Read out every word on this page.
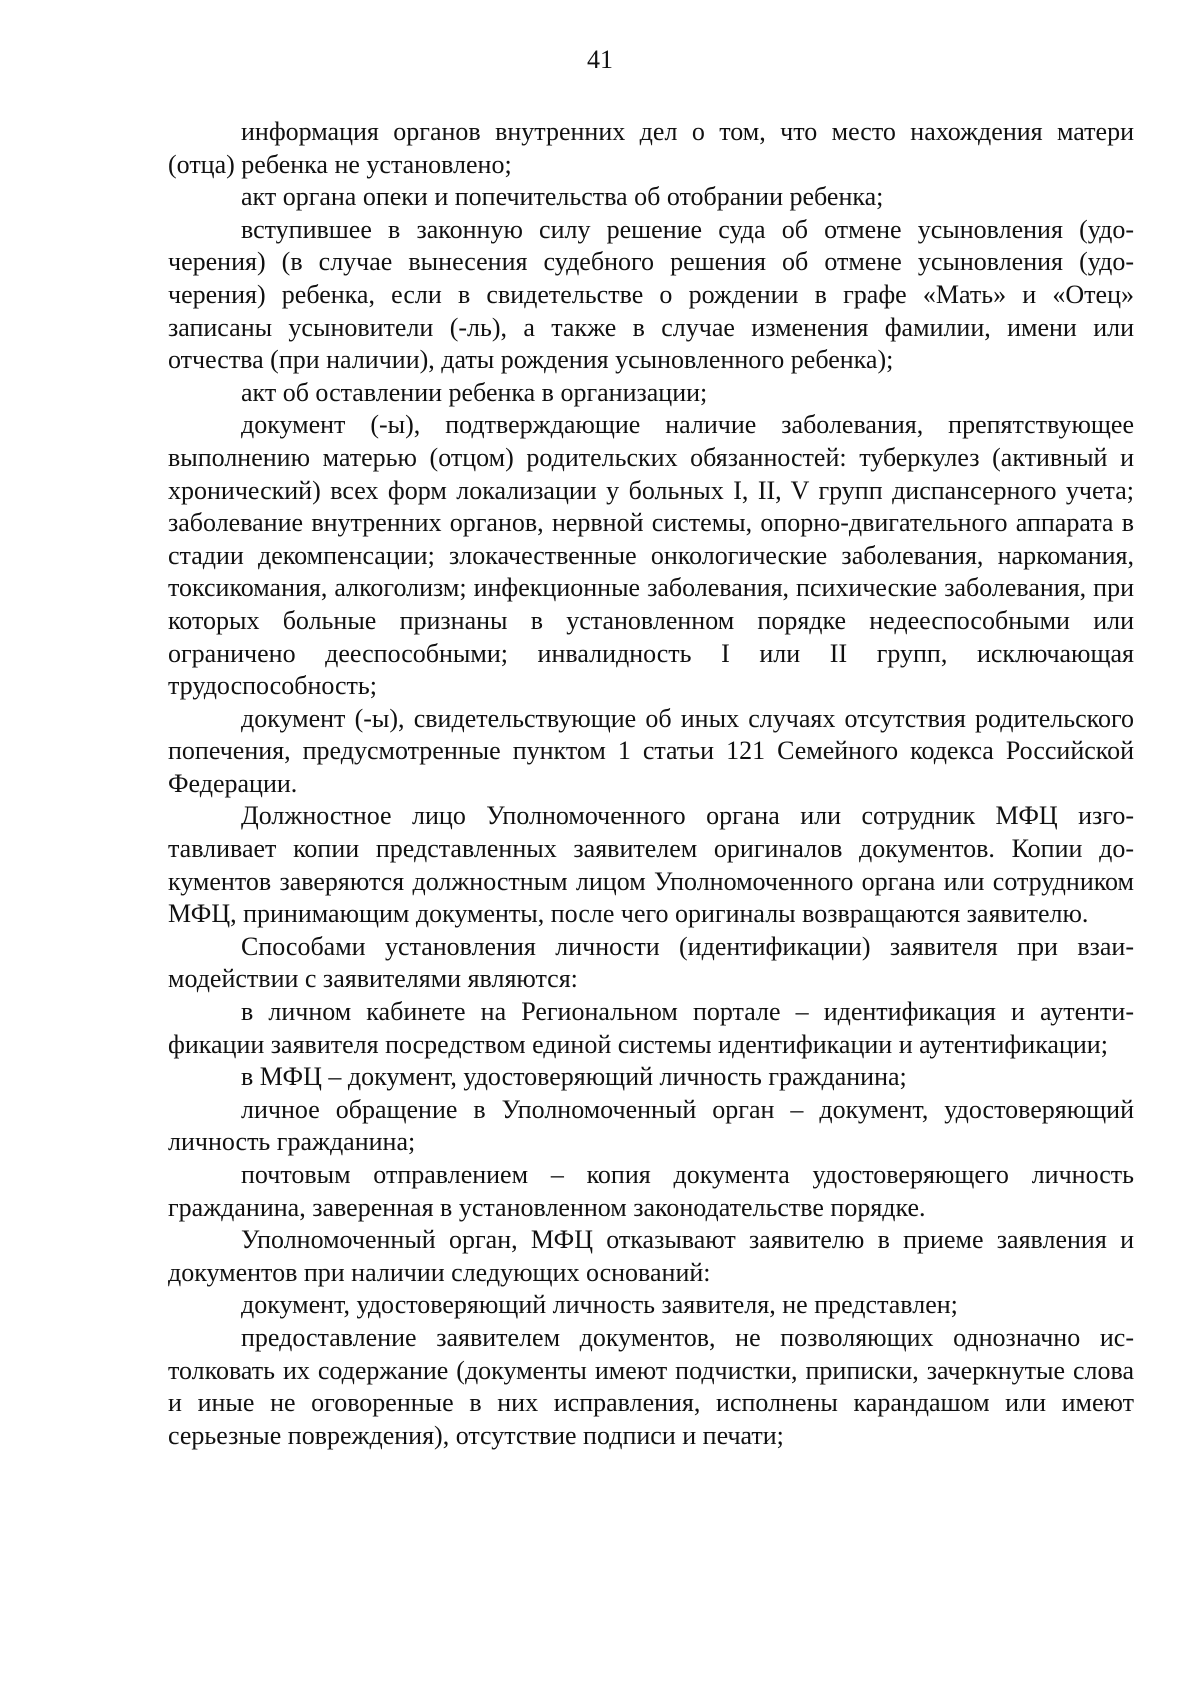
41

информация органов внутренних дел о том, что место нахождения матери (отца) ребенка не установлено;

акт органа опеки и попечительства об отобрании ребенка;

вступившее в законную силу решение суда об отмене усыновления (удочерения) (в случае вынесения судебного решения об отмене усыновления (удочерения) ребенка, если в свидетельстве о рождении в графе «Мать» и «Отец» записаны усыновители (-ль), а также в случае изменения фамилии, имени или отчества (при наличии), даты рождения усыновленного ребенка);

акт об оставлении ребенка в организации;

документ (-ы), подтверждающие наличие заболевания, препятствующее выполнению матерью (отцом) родительских обязанностей: туберкулез (активный и хронический) всех форм локализации у больных I, II, V групп диспансерного учета; заболевание внутренних органов, нервной системы, опорно-двигательного аппарата в стадии декомпенсации; злокачественные онкологические заболевания, наркомания, токсикомания, алкоголизм; инфекционные заболевания, психические заболевания, при которых больные признаны в установленном порядке недееспособными или ограничено дееспособными; инвалидность I или II групп, исключающая трудоспособность;

документ (-ы), свидетельствующие об иных случаях отсутствия родительского попечения, предусмотренные пунктом 1 статьи 121 Семейного кодекса Российской Федерации.

Должностное лицо Уполномоченного органа или сотрудник МФЦ изготавливает копии представленных заявителем оригиналов документов. Копии документов заверяются должностным лицом Уполномоченного органа или сотрудником МФЦ, принимающим документы, после чего оригиналы возвращаются заявителю.

Способами установления личности (идентификации) заявителя при взаимодействии с заявителями являются:

в личном кабинете на Региональном портале – идентификация и аутентификации заявителя посредством единой системы идентификации и аутентификации;

в МФЦ – документ, удостоверяющий личность гражданина;

личное обращение в Уполномоченный орган – документ, удостоверяющий личность гражданина;

почтовым отправлением – копия документа удостоверяющего личность гражданина, заверенная в установленном законодательстве порядке.

Уполномоченный орган, МФЦ отказывают заявителю в приеме заявления и документов при наличии следующих оснований:

документ, удостоверяющий личность заявителя, не представлен;

предоставление заявителем документов, не позволяющих однозначно истолковать их содержание (документы имеют подчистки, приписки, зачеркнутые слова и иные не оговоренные в них исправления, исполнены карандашом или имеют серьезные повреждения), отсутствие подписи и печати;
